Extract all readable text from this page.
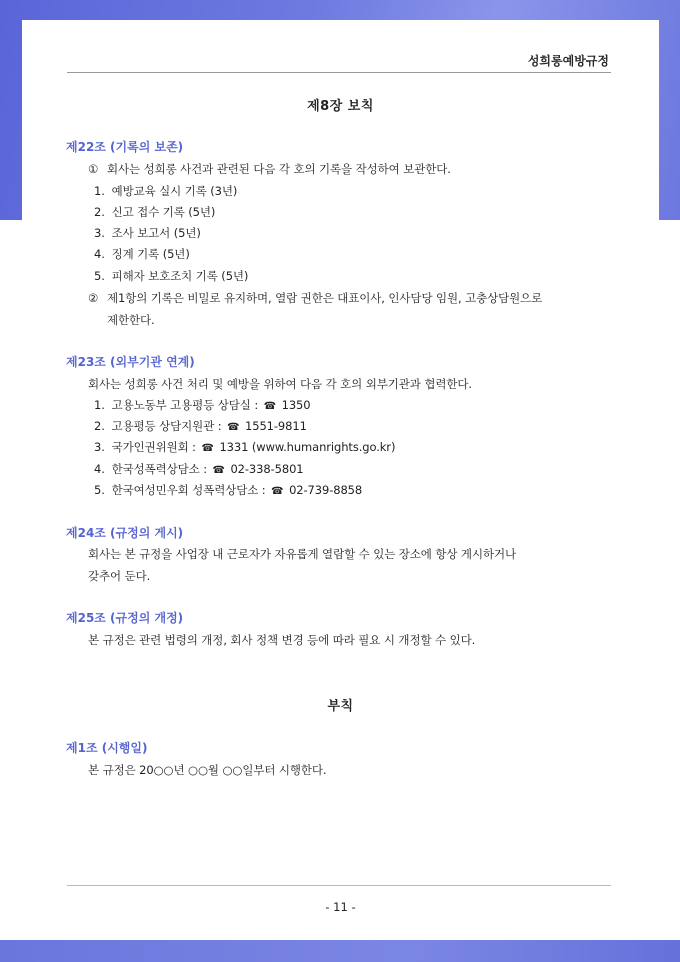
성희롱예방규정
제8장 보칙
제22조 (기록의 보존)
① 회사는 성희롱 사건과 관련된 다음 각 호의 기록을 작성하여 보관한다.
1. 예방교육 실시 기록 (3년)
2. 신고 접수 기록 (5년)
3. 조사 보고서 (5년)
4. 징계 기록 (5년)
5. 피해자 보호조치 기록 (5년)
② 제1항의 기록은 비밀로 유지하며, 열람 권한은 대표이사, 인사담당 임원, 고충상담원으로
제한한다.
제23조 (외부기관 연계)
회사는 성희롱 사건 처리 및 예방을 위하여 다음 각 호의 외부기관과 협력한다.
1. 고용노동부 고용평등 상담실 : ☎ 1350
2. 고용평등 상담지원관 : ☎ 1551-9811
3. 국가인권위원회 : ☎ 1331 (www.humanrights.go.kr)
4. 한국성폭력상담소 : ☎ 02-338-5801
5. 한국여성민우회 성폭력상담소 : ☎ 02-739-8858
제24조 (규정의 게시)
회사는 본 규정을 사업장 내 근로자가 자유롭게 열람할 수 있는 장소에 항상 게시하거나
갖추어 둔다.
제25조 (규정의 개정)
본 규정은 관련 법령의 개정, 회사 정책 변경 등에 따라 필요 시 개정할 수 있다.
부칙
제1조 (시행일)
본 규정은 20○○년 ○○월 ○○일부터 시행한다.
- 11 -
